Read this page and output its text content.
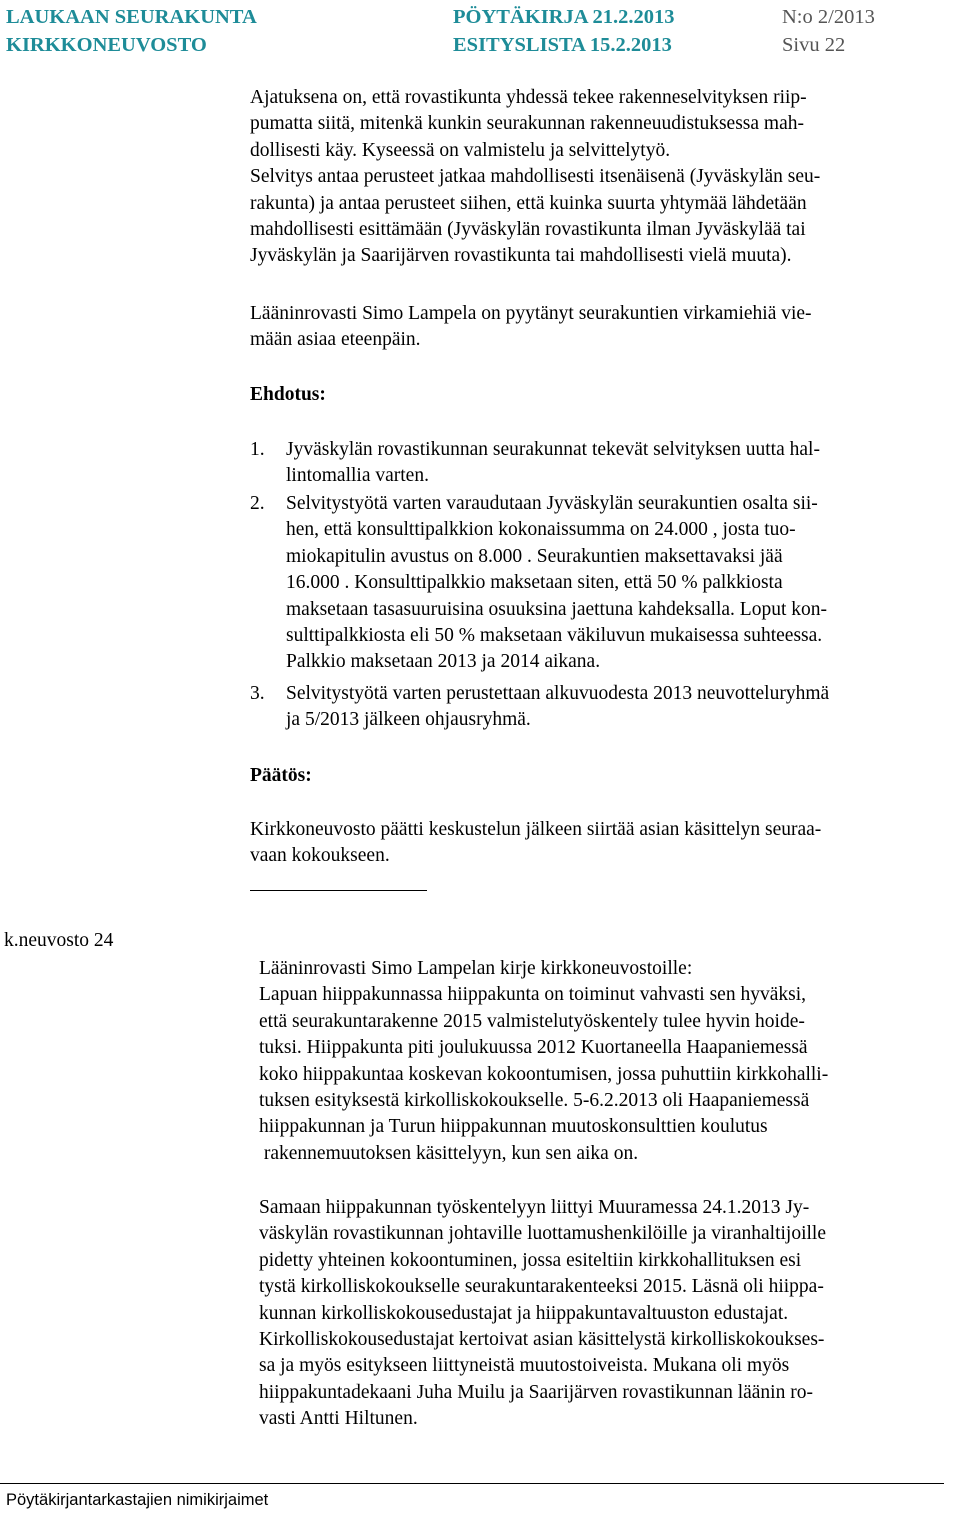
LAUKAAN SEURAKUNTA
KIRKKONEUVOSTO
PÖYTÄKIRJA 21.2.2013
ESITYSLISTA 15.2.2013
N:o 2/2013
Sivu 22

Ajatuksena on, että rovastikunta yhdessä tekee rakenneselvityksen riip-

pumatta siitä, mitenkä kunkin seurakunnan rakenneuudistuksessa mah-

dollisesti käy. Kyseessä on valmistelu ja selvittelytyö.

Selvitys antaa perusteet jatkaa mahdollisesti itsenäisenä (Jyväskylän seu-

rakunta) ja antaa perusteet siihen, että kuinka suurta yhtymää lähdetään

mahdollisesti esittämään (Jyväskylän rovastikunta ilman Jyväskylää tai

Jyväskylän ja Saarijärven rovastikunta tai mahdollisesti vielä muuta).

Lääninrovasti Simo Lampela on pyytänyt seurakuntien virkamiehiä vie-

mään asiaa eteenpäin.

Ehdotus:
1. Jyväskylän rovastikunnan seurakunnat tekevät selvityksen uutta hal-

lintomallia varten.

2. Selvitystyötä varten varaudutaan Jyväskylän seurakuntien osalta sii-

hen, että konsulttipalkkion kokonaissumma on 24.000 , josta tuo-

miokapitulin avustus on 8.000 . Seurakuntien maksettavaksi jää

16.000 . Konsulttipalkkio maksetaan siten, että 50 % palkkiosta

maksetaan tasasuuruisina osuuksina jaettuna kahdeksalla. Loput kon-

sulttipalkkiosta eli 50 % maksetaan väkiluvun mukaisessa suhteessa.

Palkkio maksetaan 2013 ja 2014 aikana.

3. Selvitystyötä varten perustettaan alkuvuodesta 2013 neuvotteluryhmä

ja 5/2013 jälkeen ohjausryhmä.

Päätös:

Kirkkoneuvosto päätti keskustelun jälkeen siirtää asian käsittelyn seuraa-

vaan kokoukseen.

k.neuvosto 24

Lääninrovasti Simo Lampelan kirje kirkkoneuvostoille:

Lapuan hiippakunnassa hiippakunta on toiminut vahvasti sen hyväksi,

että seurakuntarakenne 2015 valmistelutyöskentely tulee hyvin hoide-

tuksi. Hiippakunta piti joulukuussa 2012 Kuortaneella Haapaniemessä

koko hiippakuntaa koskevan kokoontumisen, jossa puhuttiin kirkkohalli-

tuksen esityksestä kirkolliskokoukselle. 5-6.2.2013 oli Haapaniemessä

hiippakunnan ja Turun hiippakunnan muutoskonsulttien koulutus

rakennemuutoksen käsittelyyn, kun sen aika on.

Samaan hiippakunnan työskentelyyn liittyi Muuramessa 24.1.2013 Jy-

väskylän rovastikunnan johtaville luottamushenkilöille ja viranhaltijoille

pidetty yhteinen kokoontuminen, jossa esiteltiin kirkkohallituksen esi

tystä kirkolliskokoukselle seurakuntarakenteeksi 2015. Läsnä oli hiippa-

kunnan kirkolliskokousedustajat ja hiippakuntavaltuuston edustajat.

Kirkolliskokousedustajat kertoivat asian käsittelystä kirkolliskokoukses-

sa ja myös esitykseen liittyneistä muutostoiveista. Mukana oli myös

hiippakuntadekaani Juha Muilu ja Saarijärven rovastikunnan läänin ro-

vasti Antti Hiltunen.

Pöytäkirjantarkastajien nimikirjaimet
